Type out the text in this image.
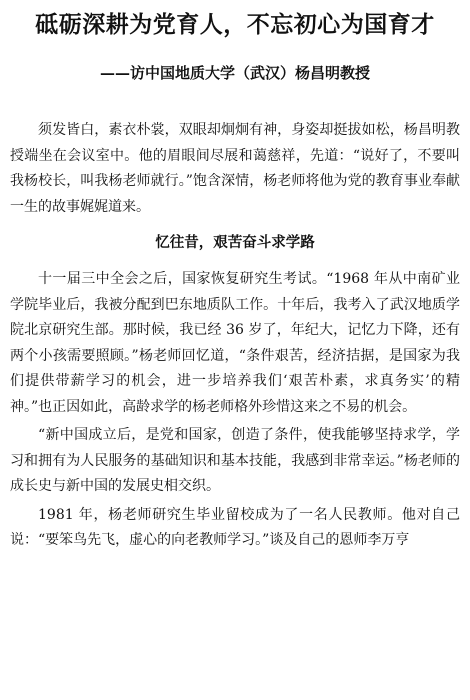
砥砺深耕为党育人，不忘初心为国育才
——访中国地质大学（武汉）杨昌明教授

须发皆白，素衣朴裳，双眼却炯炯有神，身姿却挺拔如松，杨昌明教授端坐在会议室中。他的眉眼间尽展和蔼慈祥，先道：“说好了，不要叫我杨校长，叫我杨老师就行。”饱含深情，杨老师将他为党的教育事业奉献一生的故事娓娓道来。

忆往昔，艰苦奋斗求学路

十一届三中全会之后，国家恢复研究生考试。“1968 年从中南矿业学院毕业后，我被分配到巴东地质队工作。十年后，我考入了武汉地质学院北京研究生部。那时候，我已经 36 岁了，年纪大，记忆力下降，还有两个小孩需要照顾。”杨老师回忆道，“条件艰苦，经济拮据，是国家为我们提供带薪学习的机会，进一步培养我们‘艰苦朴素，求真务实’的精神。”也正因如此，高龄求学的杨老师格外珍惜这来之不易的机会。

“新中国成立后，是党和国家，创造了条件，使我能够坚持求学，学习和拥有为人民服务的基础知识和基本技能，我感到非常幸运。”杨老师的成长史与新中国的发展史相交织。

1981 年，杨老师研究生毕业留校成为了一名人民教师。他对自己说：“要笨鸟先飞，虚心的向老教师学习。”谈及自己的恩师李万亨
